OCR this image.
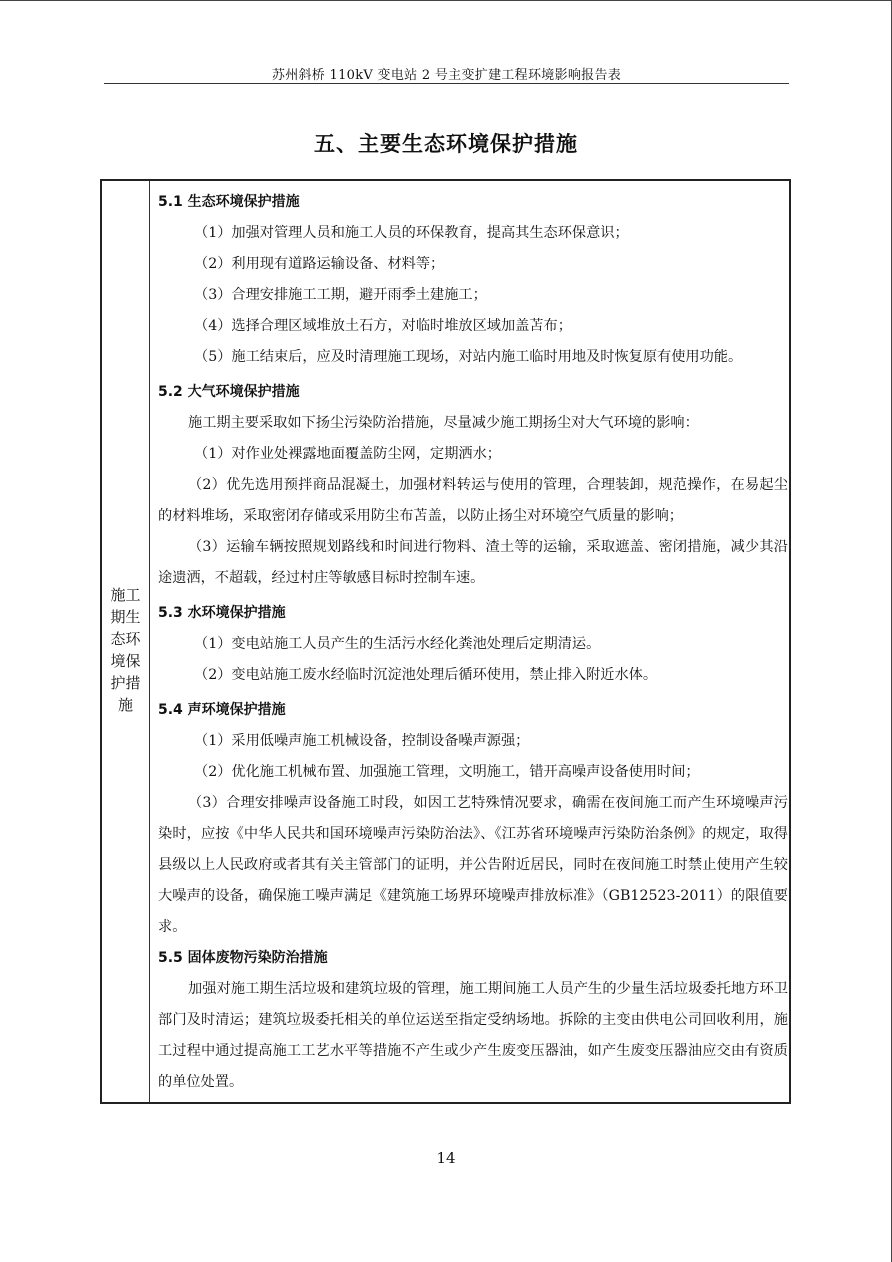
苏州斜桥 110kV 变电站 2 号主变扩建工程环境影响报告表
五、主要生态环境保护措施
施工
期生
态环
境保
护措
施
5.1 生态环境保护措施
（1）加强对管理人员和施工人员的环保教育，提高其生态环保意识；
（2）利用现有道路运输设备、材料等；
（3）合理安排施工工期，避开雨季土建施工；
（4）选择合理区域堆放土石方，对临时堆放区域加盖苫布；
（5）施工结束后，应及时清理施工现场，对站内施工临时用地及时恢复原有使用功能。
5.2 大气环境保护措施
施工期主要采取如下扬尘污染防治措施，尽量减少施工期扬尘对大气环境的影响：
（1）对作业处裸露地面覆盖防尘网，定期洒水；
（2）优先选用预拌商品混凝土，加强材料转运与使用的管理，合理装卸，规范操作，在易起尘的材料堆场，采取密闭存储或采用防尘布苫盖，以防止扬尘对环境空气质量的影响；
（3）运输车辆按照规划路线和时间进行物料、渣土等的运输，采取遮盖、密闭措施，减少其沿途遗洒，不超载，经过村庄等敏感目标时控制车速。
5.3 水环境保护措施
（1）变电站施工人员产生的生活污水经化粪池处理后定期清运。
（2）变电站施工废水经临时沉淀池处理后循环使用，禁止排入附近水体。
5.4 声环境保护措施
（1）采用低噪声施工机械设备，控制设备噪声源强；
（2）优化施工机械布置、加强施工管理，文明施工，错开高噪声设备使用时间；
（3）合理安排噪声设备施工时段，如因工艺特殊情况要求，确需在夜间施工而产生环境噪声污染时，应按《中华人民共和国环境噪声污染防治法》、《江苏省环境噪声污染防治条例》的规定，取得县级以上人民政府或者其有关主管部门的证明，并公告附近居民，同时在夜间施工时禁止使用产生较大噪声的设备，确保施工噪声满足《建筑施工场界环境噪声排放标准》（GB12523-2011）的限值要求。
5.5 固体废物污染防治措施
加强对施工期生活垃圾和建筑垃圾的管理，施工期间施工人员产生的少量生活垃圾委托地方环卫部门及时清运；建筑垃圾委托相关的单位运送至指定受纳场地。拆除的主变由供电公司回收利用，施工过程中通过提高施工工艺水平等措施不产生或少产生废变压器油，如产生废变压器油应交由有资质的单位处置。
14
